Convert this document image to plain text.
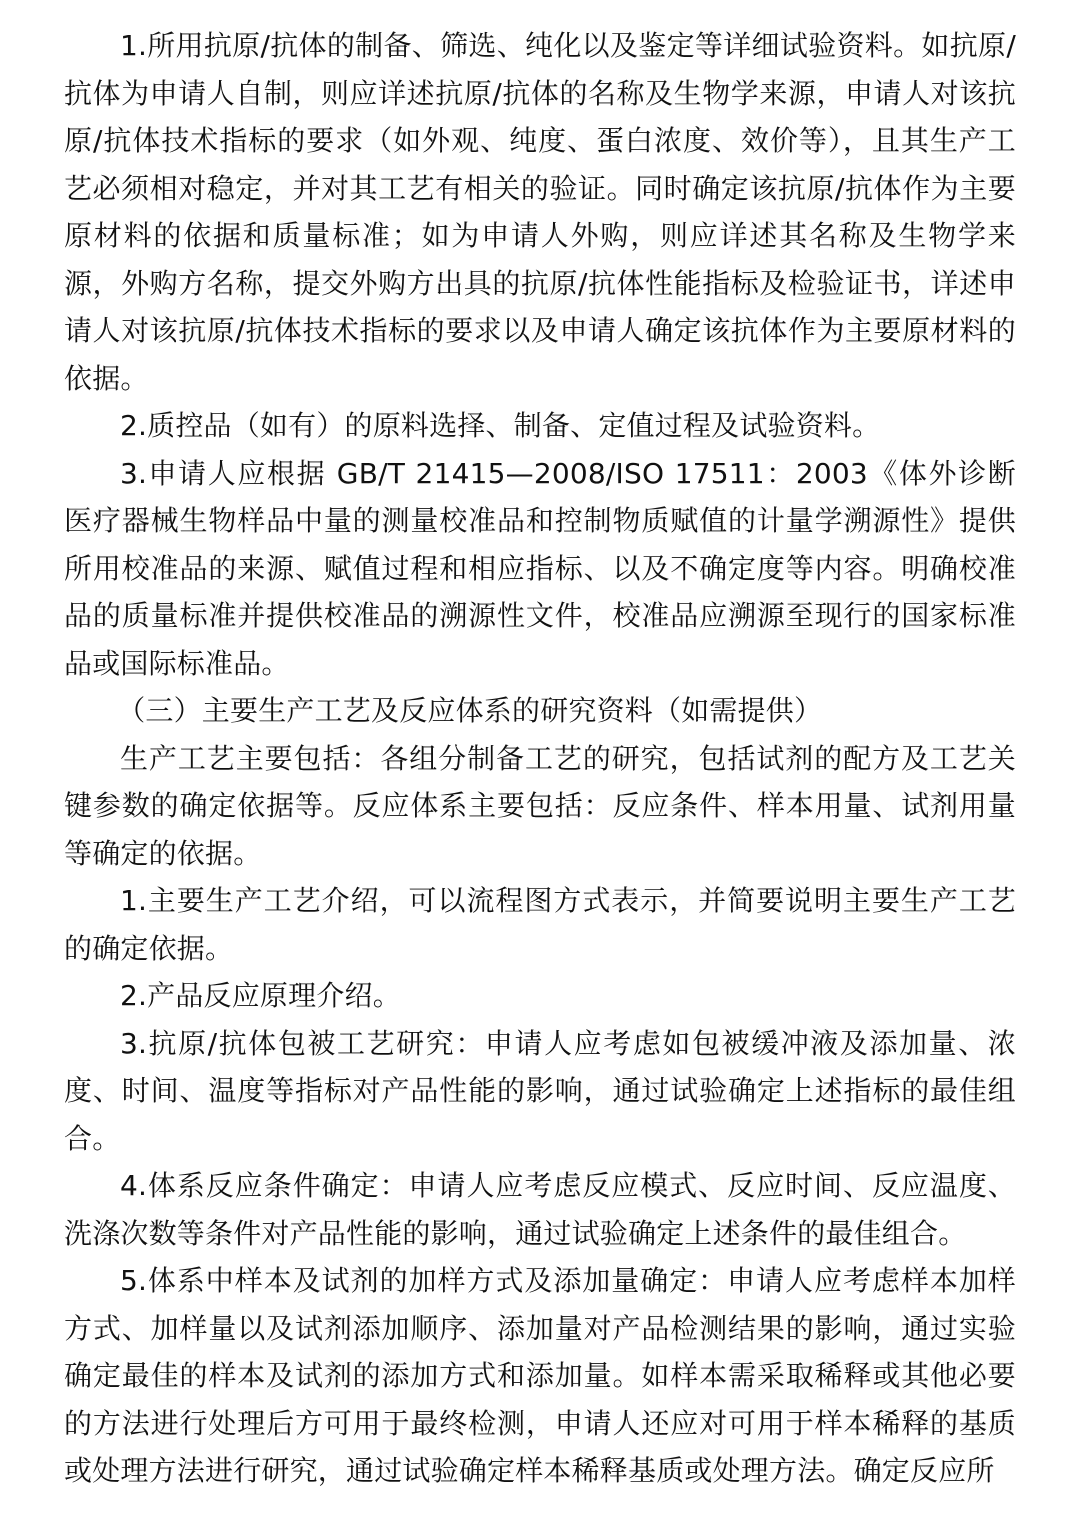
1.所用抗原/抗体的制备、筛选、纯化以及鉴定等详细试验资料。如抗原/抗体为申请人自制，则应详述抗原/抗体的名称及生物学来源，申请人对该抗原/抗体技术指标的要求（如外观、纯度、蛋白浓度、效价等），且其生产工艺必须相对稳定，并对其工艺有相关的验证。同时确定该抗原/抗体作为主要原材料的依据和质量标准；如为申请人外购，则应详述其名称及生物学来源，外购方名称，提交外购方出具的抗原/抗体性能指标及检验证书，详述申请人对该抗原/抗体技术指标的要求以及申请人确定该抗体作为主要原材料的依据。

2.质控品（如有）的原料选择、制备、定值过程及试验资料。

3.申请人应根据 GB/T 21415—2008/ISO 17511：2003《体外诊断医疗器械生物样品中量的测量校准品和控制物质赋值的计量学溯源性》提供所用校准品的来源、赋值过程和相应指标、以及不确定度等内容。明确校准品的质量标准并提供校准品的溯源性文件，校准品应溯源至现行的国家标准品或国际标准品。

（三）主要生产工艺及反应体系的研究资料（如需提供）

生产工艺主要包括：各组分制备工艺的研究，包括试剂的配方及工艺关键参数的确定依据等。反应体系主要包括：反应条件、样本用量、试剂用量等确定的依据。

1.主要生产工艺介绍，可以流程图方式表示，并简要说明主要生产工艺的确定依据。

2.产品反应原理介绍。

3.抗原/抗体包被工艺研究：申请人应考虑如包被缓冲液及添加量、浓度、时间、温度等指标对产品性能的影响，通过试验确定上述指标的最佳组合。

4.体系反应条件确定：申请人应考虑反应模式、反应时间、反应温度、洗涤次数等条件对产品性能的影响，通过试验确定上述条件的最佳组合。

5.体系中样本及试剂的加样方式及添加量确定：申请人应考虑样本加样方式、加样量以及试剂添加顺序、添加量对产品检测结果的影响，通过实验确定最佳的样本及试剂的添加方式和添加量。如样本需采取稀释或其他必要的方法进行处理后方可用于最终检测，申请人还应对可用于样本稀释的基质或处理方法进行研究，通过试验确定样本稀释基质或处理方法。确定反应所
